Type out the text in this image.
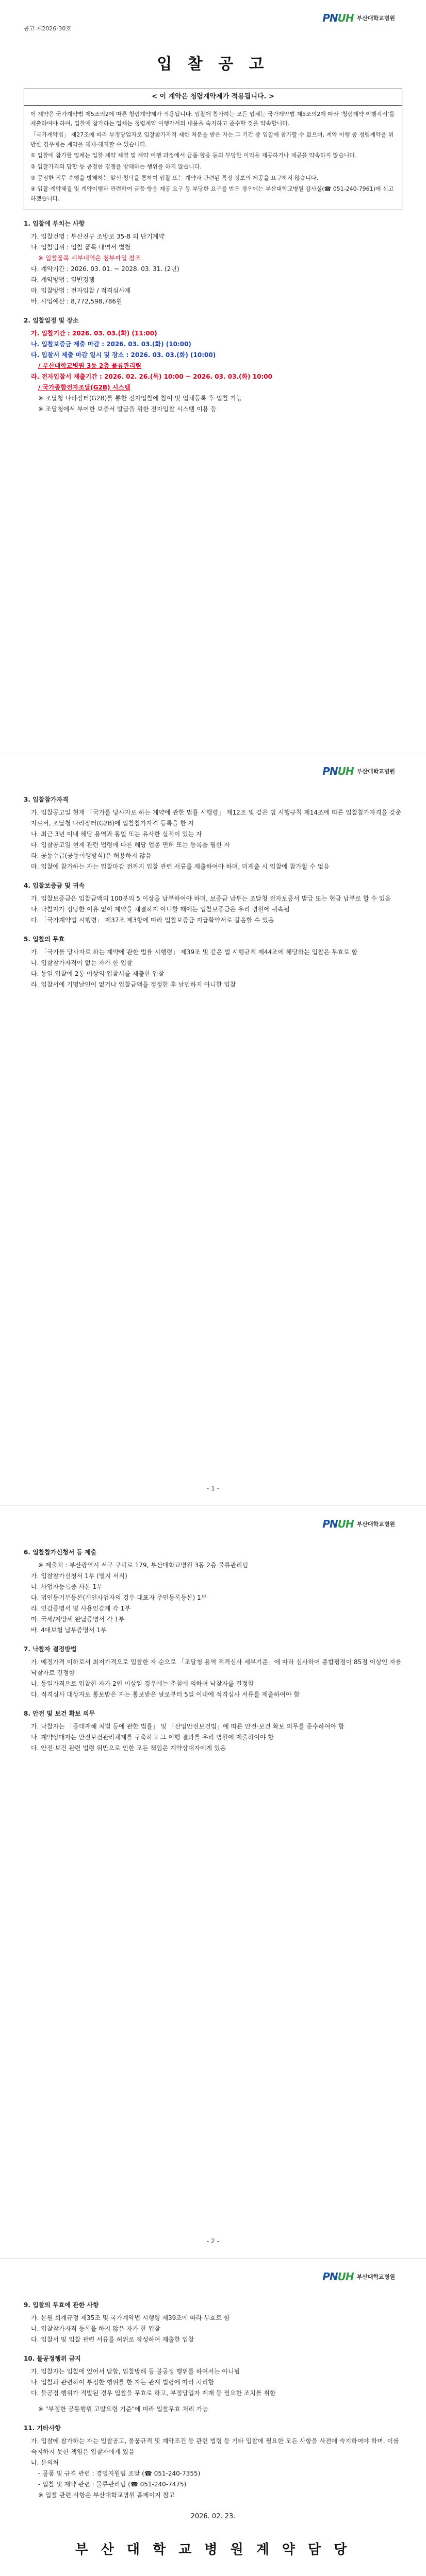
PNUH 부산대학교병원
공고 제2026-30호
입 찰 공 고
< 이 계약은 청렴계약제가 적용됩니다. >

이 계약은 국가계약법 제5조의2에 따른 청렴계약제가 적용됩니다. 입찰에 참가하는 모든 업체는 국가계약법 제5조의2에 따라 '청렴계약 이행각서'를 제출하여야 하며, 입찰에 참가하는 업체는 청렴계약 이행각서의 내용을 숙지하고 준수할 것을 약속합니다.

「국가계약법」 제27조에 따라 부정당업자로 입찰참가자격 제한 처분을 받은 자는 그 기간 중 입찰에 참가할 수 없으며, 계약 이행 중 청렴계약을 위반한 경우에는 계약을 해제·해지할 수 있습니다.

① 입찰에 참가한 업체는 입찰·계약 체결 및 계약 이행 과정에서 금품·향응 등의 부당한 이익을 제공하거나 제공을 약속하지 않습니다.

② 입찰가격의 담합 등 공정한 경쟁을 방해하는 행위를 하지 않습니다.

③ 공정한 직무 수행을 방해하는 알선·청탁을 통하여 입찰 또는 계약과 관련된 특정 정보의 제공을 요구하지 않습니다.

④ 입찰·계약체결 및 계약이행과 관련하여 금품·향응 제공 요구 등 부당한 요구를 받은 경우에는 부산대학교병원 감사실(☎ 051-240-7961)에 신고하겠습니다.

1. 입찰에 부치는 사항
가. 입찰건명 : 부산진구 조방로 35-8 외 단기계약
나. 입찰범위 : 입찰 품목 내역서 별첨
※ 입찰품목 세부내역은 첨부파일 참조
다. 계약기간 : 2026. 03. 01. ~ 2028. 03. 31. (2년)
라. 계약방법 : 일반경쟁
마. 입찰방법 : 전자입찰 / 적격심사제
바. 사업예산 : 8,772,598,786원
2. 입찰일정 및 장소
가. 입찰기간 : 2026. 03. 03.(화) (11:00)
나. 입찰보증금 제출 마감 : 2026. 03. 03.(화) (10:00)
다. 입찰서 제출 마감 일시 및 장소 : 2026. 03. 03.(화) (10:00)
/ 부산대학교병원 3동 2층 물류관리팀
라. 전자입찰서 제출기간 : 2026. 02. 26.(목) 10:00 ~ 2026. 03. 03.(화) 10:00
/ 국가종합전자조달(G2B) 시스템
※ 조달청 나라장터(G2B)를 통한 전자입찰에 참여 및 업체등록 후 입찰 가능
※ 조달청에서 부여한 보증서 발급을 위한 전자입찰 시스템 이용 등
PNUH 부산대학교병원
3. 입찰참가자격
가. 입찰공고일 현재 「국가를 당사자로 하는 계약에 관한 법률 시행령」 제12조 및 같은 법 시행규칙 제14조에 따른 입찰참가자격을 갖춘 자로서, 조달청 나라장터(G2B)에 입찰참가자격 등록을 한 자
나. 최근 3년 이내 해당 용역과 동일 또는 유사한 실적이 있는 자
다. 입찰공고일 현재 관련 법령에 따른 해당 업종 면허 또는 등록을 필한 자
라. 공동수급(공동이행방식)은 허용하지 않음
마. 입찰에 참가하는 자는 입찰마감 전까지 입찰 관련 서류를 제출하여야 하며, 미제출 시 입찰에 참가할 수 없음
4. 입찰보증금 및 귀속
가. 입찰보증금은 입찰금액의 100분의 5 이상을 납부하여야 하며, 보증금 납부는 조달청 전자보증서 발급 또는 현금 납부로 할 수 있음
나. 낙찰자가 정당한 이유 없이 계약을 체결하지 아니할 때에는 입찰보증금은 우리 병원에 귀속됨
다. 「국가계약법 시행령」 제37조 제3항에 따라 입찰보증금 지급확약서로 갈음할 수 있음
5. 입찰의 무효
가. 「국가를 당사자로 하는 계약에 관한 법률 시행령」 제39조 및 같은 법 시행규칙 제44조에 해당하는 입찰은 무효로 함
나. 입찰참가자격이 없는 자가 한 입찰
다. 동일 입찰에 2통 이상의 입찰서를 제출한 입찰
라. 입찰서에 기명날인이 없거나 입찰금액을 정정한 후 날인하지 아니한 입찰
- 1 -
PNUH 부산대학교병원
6. 입찰참가신청서 등 제출
※ 제출처 : 부산광역시 서구 구덕로 179, 부산대학교병원 3동 2층 물류관리팀
가. 입찰참가신청서 1부 (별지 서식)
나. 사업자등록증 사본 1부
다. 법인등기부등본(개인사업자의 경우 대표자 주민등록등본) 1부
라. 인감증명서 및 사용인감계 각 1부
마. 국세/지방세 완납증명서 각 1부
바. 4대보험 납부증명서 1부
7. 낙찰자 결정방법
가. 예정가격 이하로서 최저가격으로 입찰한 자 순으로 「조달청 용역 적격심사 세부기준」에 따라 심사하여 종합평점이 85점 이상인 자를 낙찰자로 결정함
나. 동일가격으로 입찰한 자가 2인 이상일 경우에는 추첨에 의하여 낙찰자를 결정함
다. 적격심사 대상자로 통보받은 자는 통보받은 날로부터 5일 이내에 적격심사 서류를 제출하여야 함
8. 안전 및 보건 확보 의무
가. 낙찰자는 「중대재해 처벌 등에 관한 법률」 및 「산업안전보건법」에 따른 안전·보건 확보 의무를 준수하여야 함
나. 계약상대자는 안전보건관리체계를 구축하고 그 이행 결과를 우리 병원에 제출하여야 함
다. 안전·보건 관련 법령 위반으로 인한 모든 책임은 계약상대자에게 있음
- 2 -
PNUH 부산대학교병원
9. 입찰의 무효에 관한 사항
가. 본원 회계규정 제35조 및 국가계약법 시행령 제39조에 따라 무효로 함
나. 입찰참가자격 등록을 하지 않은 자가 한 입찰
다. 입찰서 및 입찰 관련 서류를 허위로 작성하여 제출한 입찰
10. 불공정행위 금지
가. 입찰자는 입찰에 있어서 담합, 입찰방해 등 불공정 행위를 하여서는 아니됨
나. 입찰과 관련하여 부정한 행위를 한 자는 관계 법령에 따라 처리함
다. 불공정 행위가 적발된 경우 입찰을 무효로 하고, 부정당업자 제재 등 필요한 조치를 취함
※ "부정한 공동행위 고발요령 기준"에 따라 입찰무효 처리 가능
11. 기타사항
가. 입찰에 참가하는 자는 입찰공고, 물품규격 및 계약조건 등 관련 법령 등 기타 입찰에 필요한 모든 사항을 사전에 숙지하여야 하며, 이를 숙지하지 못한 책임은 입찰자에게 있음
나. 문의처
- 물품 및 규격 관련 : 경영지원팀 조달 (☎ 051-240-7355)
- 입찰 및 계약 관련 : 물류관리팀 (☎ 051-240-7475)
※ 입찰 관련 사항은 부산대학교병원 홈페이지 참고
2026. 02. 23.
부 산 대 학 교 병 원 계 약 담 당
